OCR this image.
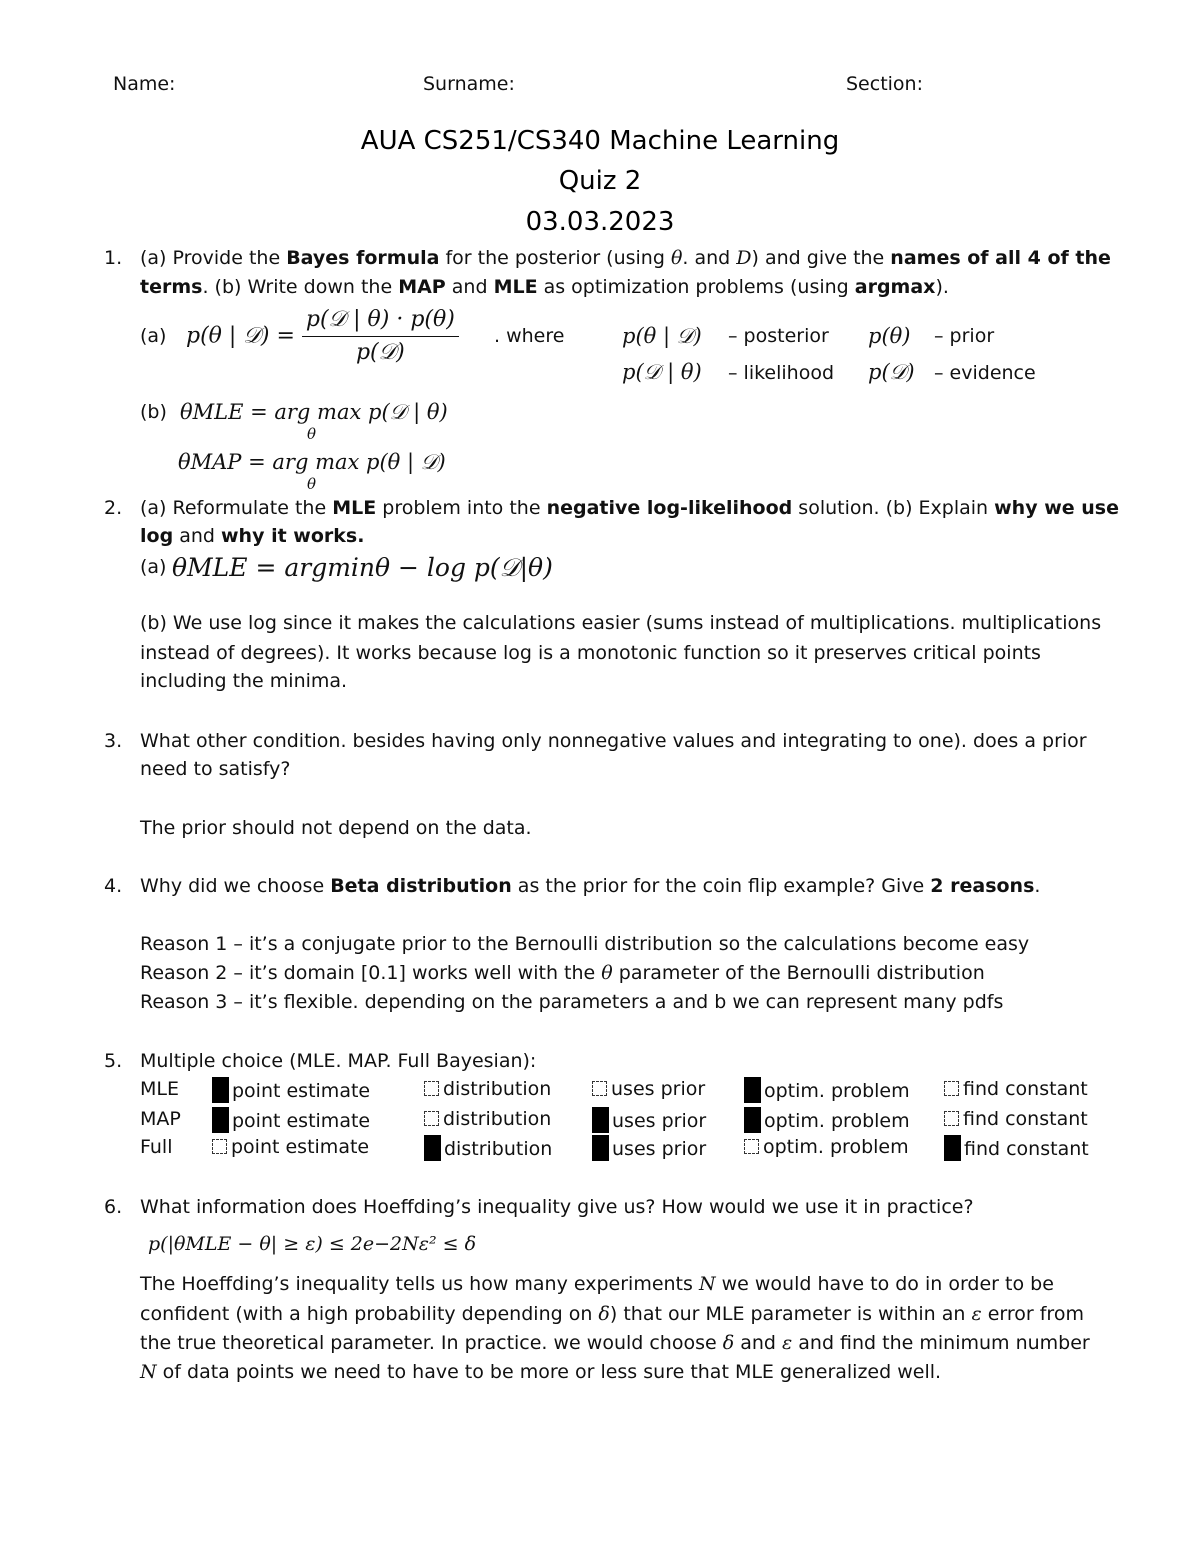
Name:	Surname:	Section:
AUA CS251/CS340 Machine Learning
Quiz 2
03.03.2023
1. (a) Provide the Bayes formula for the posterior (using θ. and D) and give the names of all 4 of the
terms. (b) Write down the MAP and MLE as optimization problems (using argmax).
(a) p(θ | 𝒟) = $\frac{\text{p(𝒟 | θ) · p(θ)}}{\text{p(𝒟)}}$ . where	p(θ | 𝒟) – posterior p(θ) – prior
p(𝒟 | θ) – likelihood p(𝒟) – evidence
(b) θMLE = arg max p(𝒟 | θ)
θ
θMAP = arg max p(θ | 𝒟)
θ
2. (a) Reformulate the MLE problem into the negative log-likelihood solution. (b) Explain why we use
log and why it works.
(a) θMLE = argminθ − log p(𝒟|θ)
(b) We use log since it makes the calculations easier (sums instead of multiplications. multiplications
instead of degrees). It works because log is a monotonic function so it preserves critical points
including the minima.
3. What other condition. besides having only nonnegative values and integrating to one). does a prior
need to satisfy?
The prior should not depend on the data.
4. Why did we choose Beta distribution as the prior for the coin flip example? Give 2 reasons.
Reason 1 – it’s a conjugate prior to the Bernoulli distribution so the calculations become easy
Reason 2 – it’s domain [0.1] works well with the θ parameter of the Bernoulli distribution
Reason 3 – it’s flexible. depending on the parameters a and b we can represent many pdfs
5. Multiple choice (MLE. MAP. Full Bayesian):
MLE	point estimate	distribution	uses prior	optim. problem	find constant
MAP	point estimate	distribution	uses prior	optim. problem	find constant
Full	point estimate	distribution	uses prior	optim. problem	find constant
6. What information does Hoeffding’s inequality give us? How would we use it in practice?
p(|θMLE − θ| ≥ ε) ≤ 2e−2Nε² ≤ δ
The Hoeffding’s inequality tells us how many experiments N we would have to do in order to be
confident (with a high probability depending on δ) that our MLE parameter is within an ε error from
the true theoretical parameter. In practice. we would choose δ and ε and find the minimum number
N of data points we need to have to be more or less sure that MLE generalized well.
